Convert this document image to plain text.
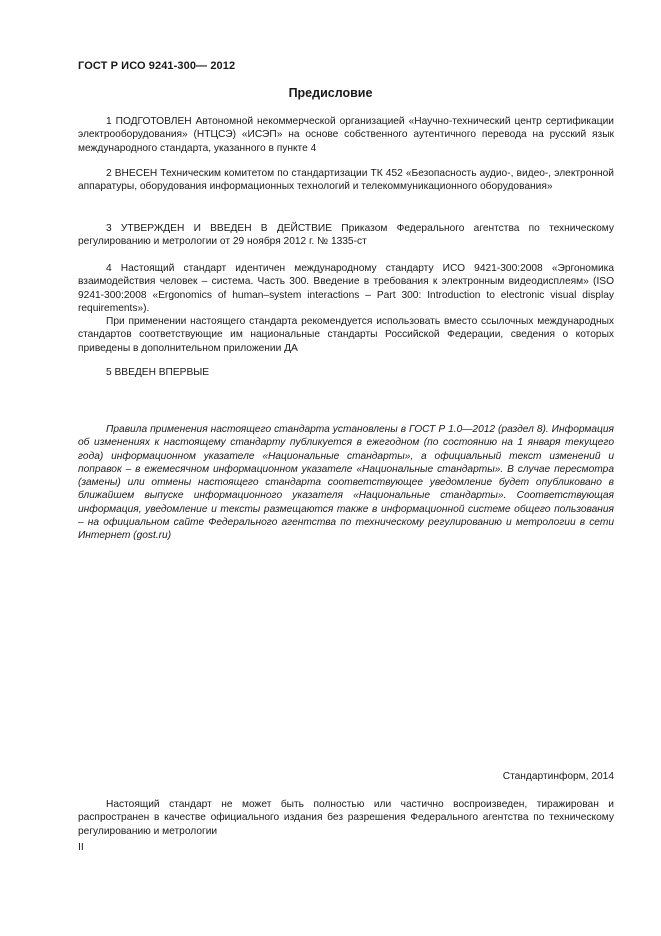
ГОСТ Р ИСО 9241-300— 2012
Предисловие
1 ПОДГОТОВЛЕН Автономной некоммерческой организацией «Научно-технический центр сертификации электрооборудования» (НТЦСЭ) «ИСЭП» на основе собственного аутентичного перевода на русский язык международного стандарта, указанного в пункте 4
2 ВНЕСЕН Техническим комитетом по стандартизации ТК 452 «Безопасность аудио-, видео-, электронной аппаратуры, оборудования информационных технологий и телекоммуникационного оборудования»
3 УТВЕРЖДЕН И ВВЕДЕН В ДЕЙСТВИЕ Приказом Федерального агентства по техническому регулированию и метрологии от 29 ноября 2012 г. № 1335-ст
4 Настоящий стандарт идентичен международному стандарту ИСО 9421-300:2008 «Эргономика взаимодействия человек – система. Часть 300. Введение в требования к электронным видеодисплеям» (ISO 9241-300:2008 «Ergonomics of human–system interactions – Part 300: Introduction to electronic visual display requirements»).
При применении настоящего стандарта рекомендуется использовать вместо ссылочных международных стандартов соответствующие им национальные стандарты Российской Федерации, сведения о которых приведены в дополнительном приложении ДА
5 ВВЕДЕН ВПЕРВЫЕ
Правила применения настоящего стандарта установлены в ГОСТ Р 1.0—2012 (раздел 8). Информация об изменениях к настоящему стандарту публикуется в ежегодном (по состоянию на 1 января текущего года) информационном указателе «Национальные стандарты», а официальный текст изменений и поправок – в ежемесячном информационном указателе «Национальные стандарты». В случае пересмотра (замены) или отмены настоящего стандарта соответствующее уведомление будет опубликовано в ближайшем выпуске информационного указателя «Национальные стандарты». Соответствующая информация, уведомление и тексты размещаются также в информационной системе общего пользования – на официальном сайте Федерального агентства по техническому регулированию и метрологии в сети Интернет (gost.ru)
Стандартинформ, 2014
Настоящий стандарт не может быть полностью или частично воспроизведен, тиражирован и распространен в качестве официального издания без разрешения Федерального агентства по техническому регулированию и метрологии
II
